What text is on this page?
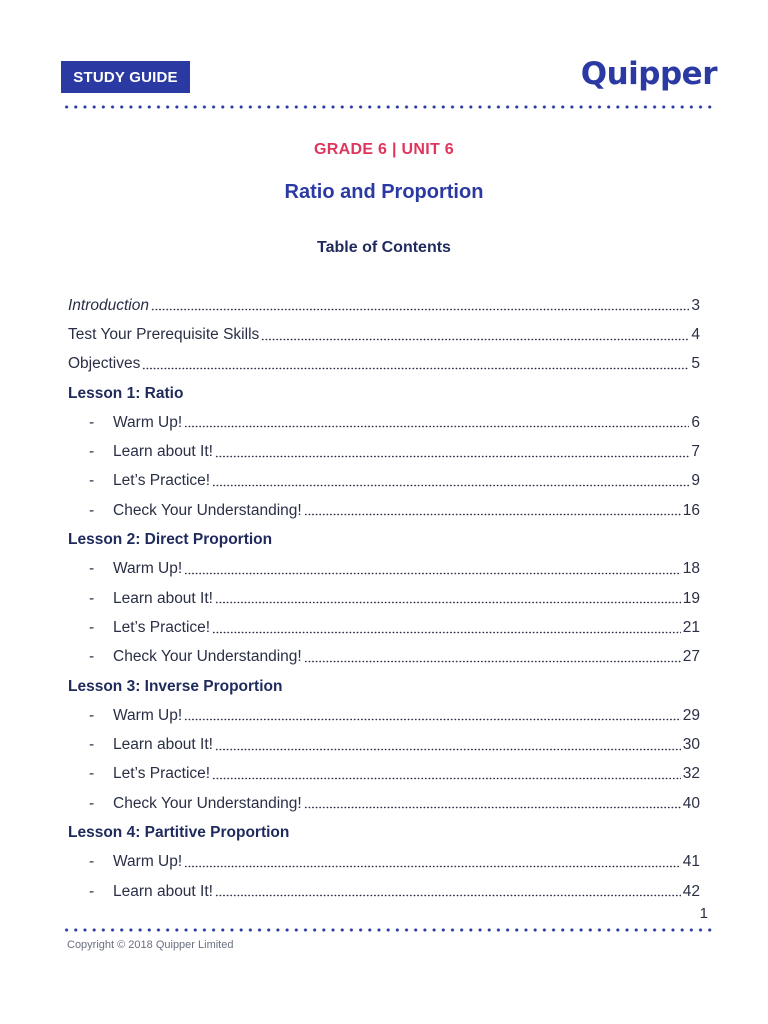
STUDY GUIDE	Quipper
GRADE 6 | UNIT 6
Ratio and Proportion
Table of Contents
Introduction	3
Test Your Prerequisite Skills	4
Objectives	5
Lesson 1: Ratio
-	Warm Up!	6
-	Learn about It!	7
-	Let’s Practice!	9
-	Check Your Understanding!	16
Lesson 2: Direct Proportion
-	Warm Up!	18
-	Learn about It!	19
-	Let’s Practice!	21
-	Check Your Understanding!	27
Lesson 3: Inverse Proportion
-	Warm Up!	29
-	Learn about It!	30
-	Let’s Practice!	32
-	Check Your Understanding!	40
Lesson 4: Partitive Proportion
-	Warm Up!	41
-	Learn about It!	42
1
Copyright © 2018 Quipper Limited
